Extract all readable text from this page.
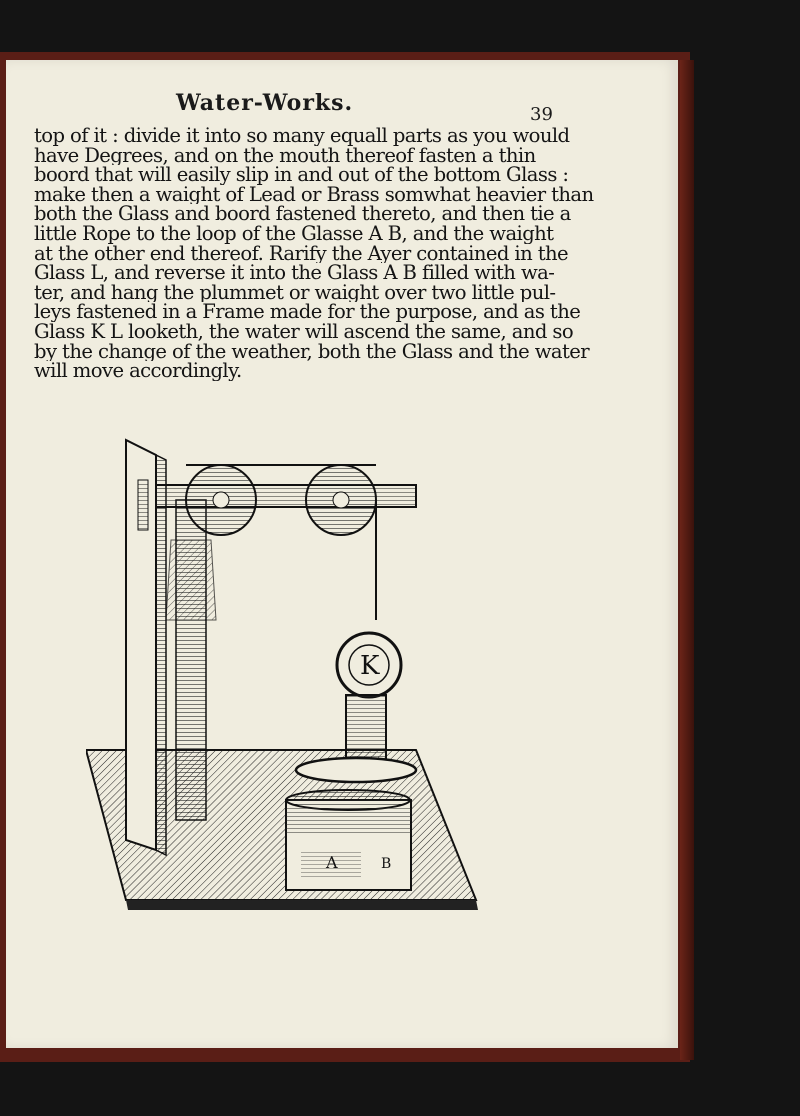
Water-Works.	39
top of it : divide it into so many equall parts as you would
have Degrees, and on the mouth thereof fasten a thin
boord that will easily slip in and out of the bottom Glass :
make then a waight of Lead or Brass somwhat heavier than
both the Glass and boord fastened thereto, and then tie a
little Rope to the loop of the Glasse A B, and the waight
at the other end thereof. Rarify the Ayer contained in the
Glass L, and reverse it into the Glass A B filled with wa-
ter, and hang the plummet or waight over two little pul-
leys fastened in a Frame made for the purpose, and as the
Glass K L looketh, the water will ascend the same, and so
by the change of the weather, both the Glass and the water
will move accordingly.
K
A	B
